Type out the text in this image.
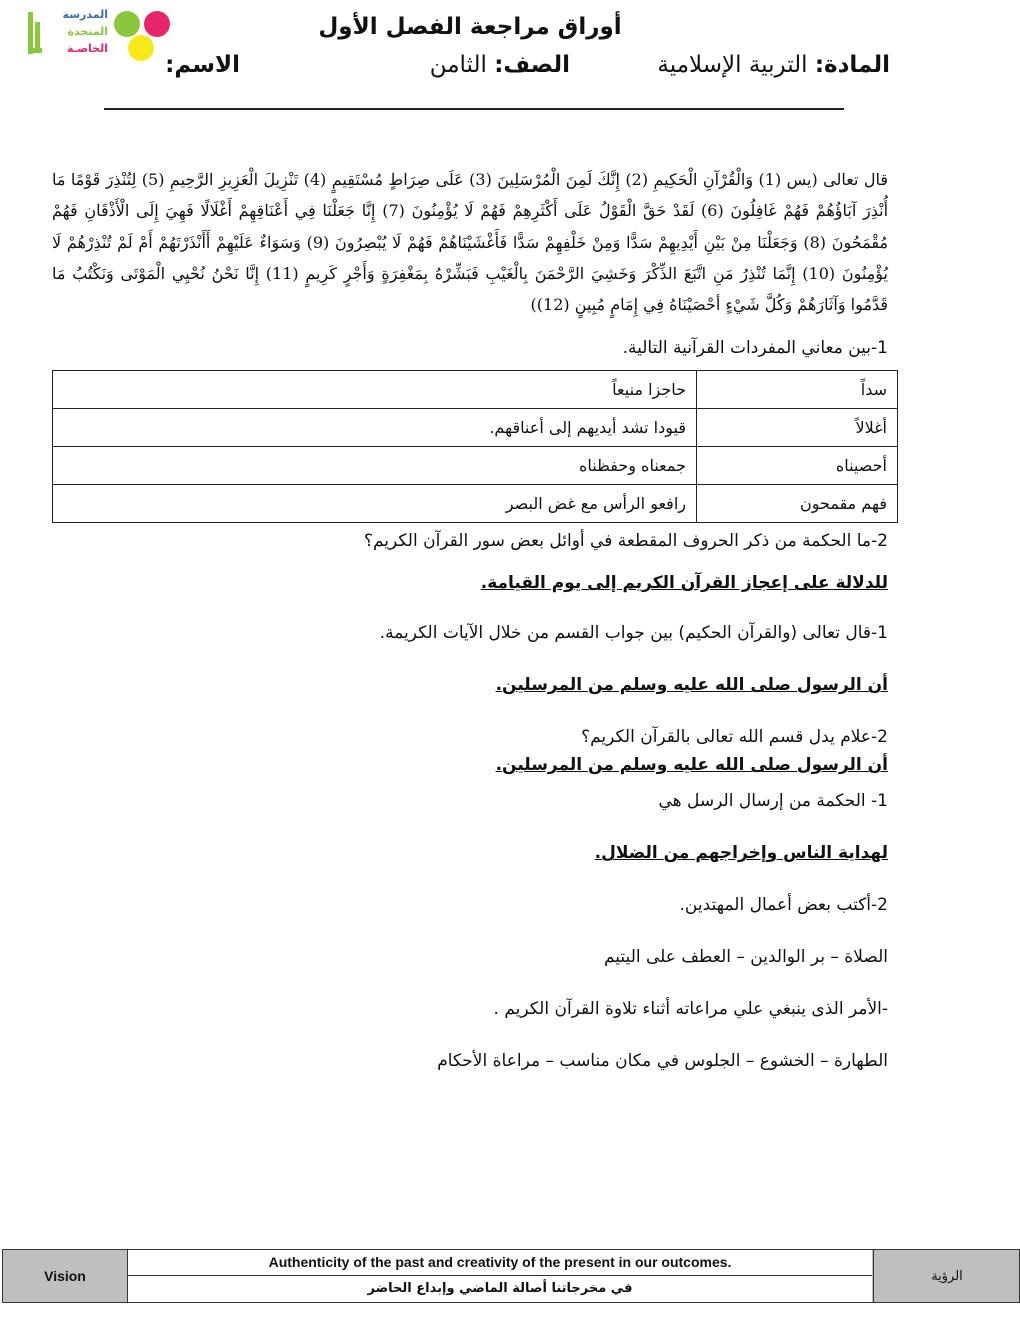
المدرسة
المتحدة
الخاصـة
أوراق مراجعة الفصل الأول
المادة: التربية الإسلامية
الصف: الثامن
الاسم:

قال تعالى (يس (1) وَالْقُرْآنِ الْحَكِيمِ (2) إِنَّكَ لَمِنَ الْمُرْسَلِينَ (3) عَلَى صِرَاطٍ مُسْتَقِيمٍ (4) تَنْزِيلَ الْعَزِيزِ الرَّحِيمِ (5) لِتُنْذِرَ قَوْمًا مَا أُنْذِرَ آبَاؤُهُمْ فَهُمْ غَافِلُونَ (6) لَقَدْ حَقَّ الْقَوْلُ عَلَى أَكْثَرِهِمْ فَهُمْ لَا يُؤْمِنُونَ (7) إِنَّا جَعَلْنَا فِي أَعْنَاقِهِمْ أَغْلَالًا فَهِيَ إِلَى الْأَذْقَانِ فَهُمْ مُقْمَحُونَ (8) وَجَعَلْنَا مِنْ بَيْنِ أَيْدِيهِمْ سَدًّا وَمِنْ خَلْفِهِمْ سَدًّا فَأَغْشَيْنَاهُمْ فَهُمْ لَا يُبْصِرُونَ (9) وَسَوَاءٌ عَلَيْهِمْ أَأَنْذَرْتَهُمْ أَمْ لَمْ تُنْذِرْهُمْ لَا يُؤْمِنُونَ (10) إِنَّمَا تُنْذِرُ مَنِ اتَّبَعَ الذِّكْرَ وَخَشِيَ الرَّحْمَنَ بِالْغَيْبِ فَبَشِّرْهُ بِمَغْفِرَةٍ وَأَجْرٍ كَرِيمٍ (11) إِنَّا نَحْنُ نُحْيِي الْمَوْتَى وَنَكْتُبُ مَا قَدَّمُوا وَآثَارَهُمْ وَكُلَّ شَيْءٍ أحْصَيْنَاهُ فِي إِمَامٍ مُبِينٍ (12))

1-بين معاني المفردات القرآنية التالية.

سداً	حاجزا منيعاً
أغلالاً	قيودا تشد أيديهم إلى أعناقهم.
أحصيناه	جمعناه وحفظناه
فهم مقمحون	رافعو الرأس مع غض البصر

2-ما الحكمة من ذكر الحروف المقطعة في أوائل بعض سور القرآن الكريم؟

للدلالة على إعجاز القرآن الكريم إلى يوم القيامة.

1-قال تعالى (والقرآن الحكيم) بين جواب القسم من خلال الآيات الكريمة.

أن الرسول صلى الله عليه وسلم من المرسلين.

2-علام يدل قسم الله تعالى بالقرآن الكريم؟

أن الرسول صلى الله عليه وسلم من المرسلين.

1- الحكمة من إرسال الرسل هي

لهداية الناس وإخراجهم من الضلال.

2-أكتب بعض أعمال المهتدين.

الصلاة – بر الوالدين – العطف على اليتيم

-الأمر الذى ينبغي علي مراعاته أثناء تلاوة القرآن الكريم .

الطهارة – الخشوع – الجلوس في مكان مناسب – مراعاة الأحكام

Vision
Authenticity of the past and creativity of the present in our outcomes.
في مخرجاتنا أصالة الماضي وإبداع الحاضر
الرؤية
